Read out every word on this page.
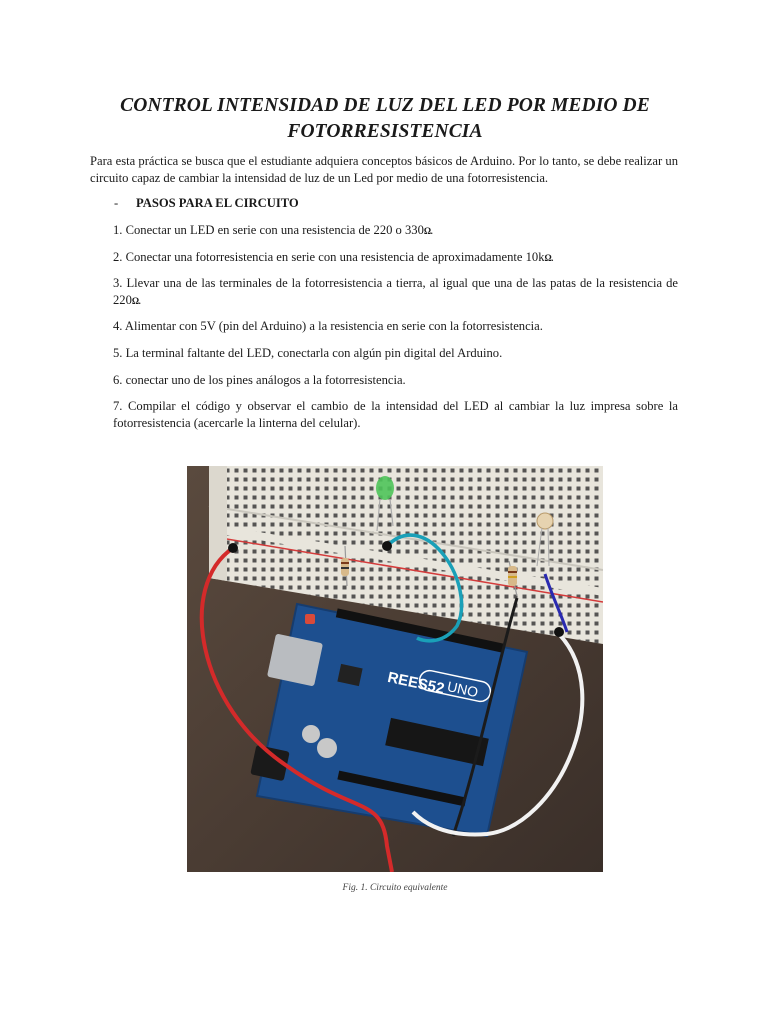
CONTROL INTENSIDAD DE LUZ DEL LED POR MEDIO DE FOTORRESISTENCIA
Para esta práctica se busca que el estudiante adquiera conceptos básicos de Arduino. Por lo tanto, se debe realizar un circuito capaz de cambiar la intensidad de luz de un Led por medio de una fotorresistencia.
- PASOS PARA EL CIRCUITO
1. Conectar un LED en serie con una resistencia de 220 o 330Ω.
2. Conectar una fotorresistencia en serie con una resistencia de aproximadamente 10kΩ.
3. Llevar una de las terminales de la fotorresistencia a tierra, al igual que una de las patas de la resistencia de 220Ω.
4. Alimentar con 5V (pin del Arduino) a la resistencia en serie con la fotorresistencia.
5. La terminal faltante del LED, conectarla con algún pin digital del Arduino.
6. conectar uno de los pines análogos a la fotorresistencia.
7. Compilar el código y observar el cambio de la intensidad del LED al cambiar la luz impresa sobre la fotorresistencia (acercarle la linterna del celular).
REES52 UNO
Fig. 1. Circuito equivalente
